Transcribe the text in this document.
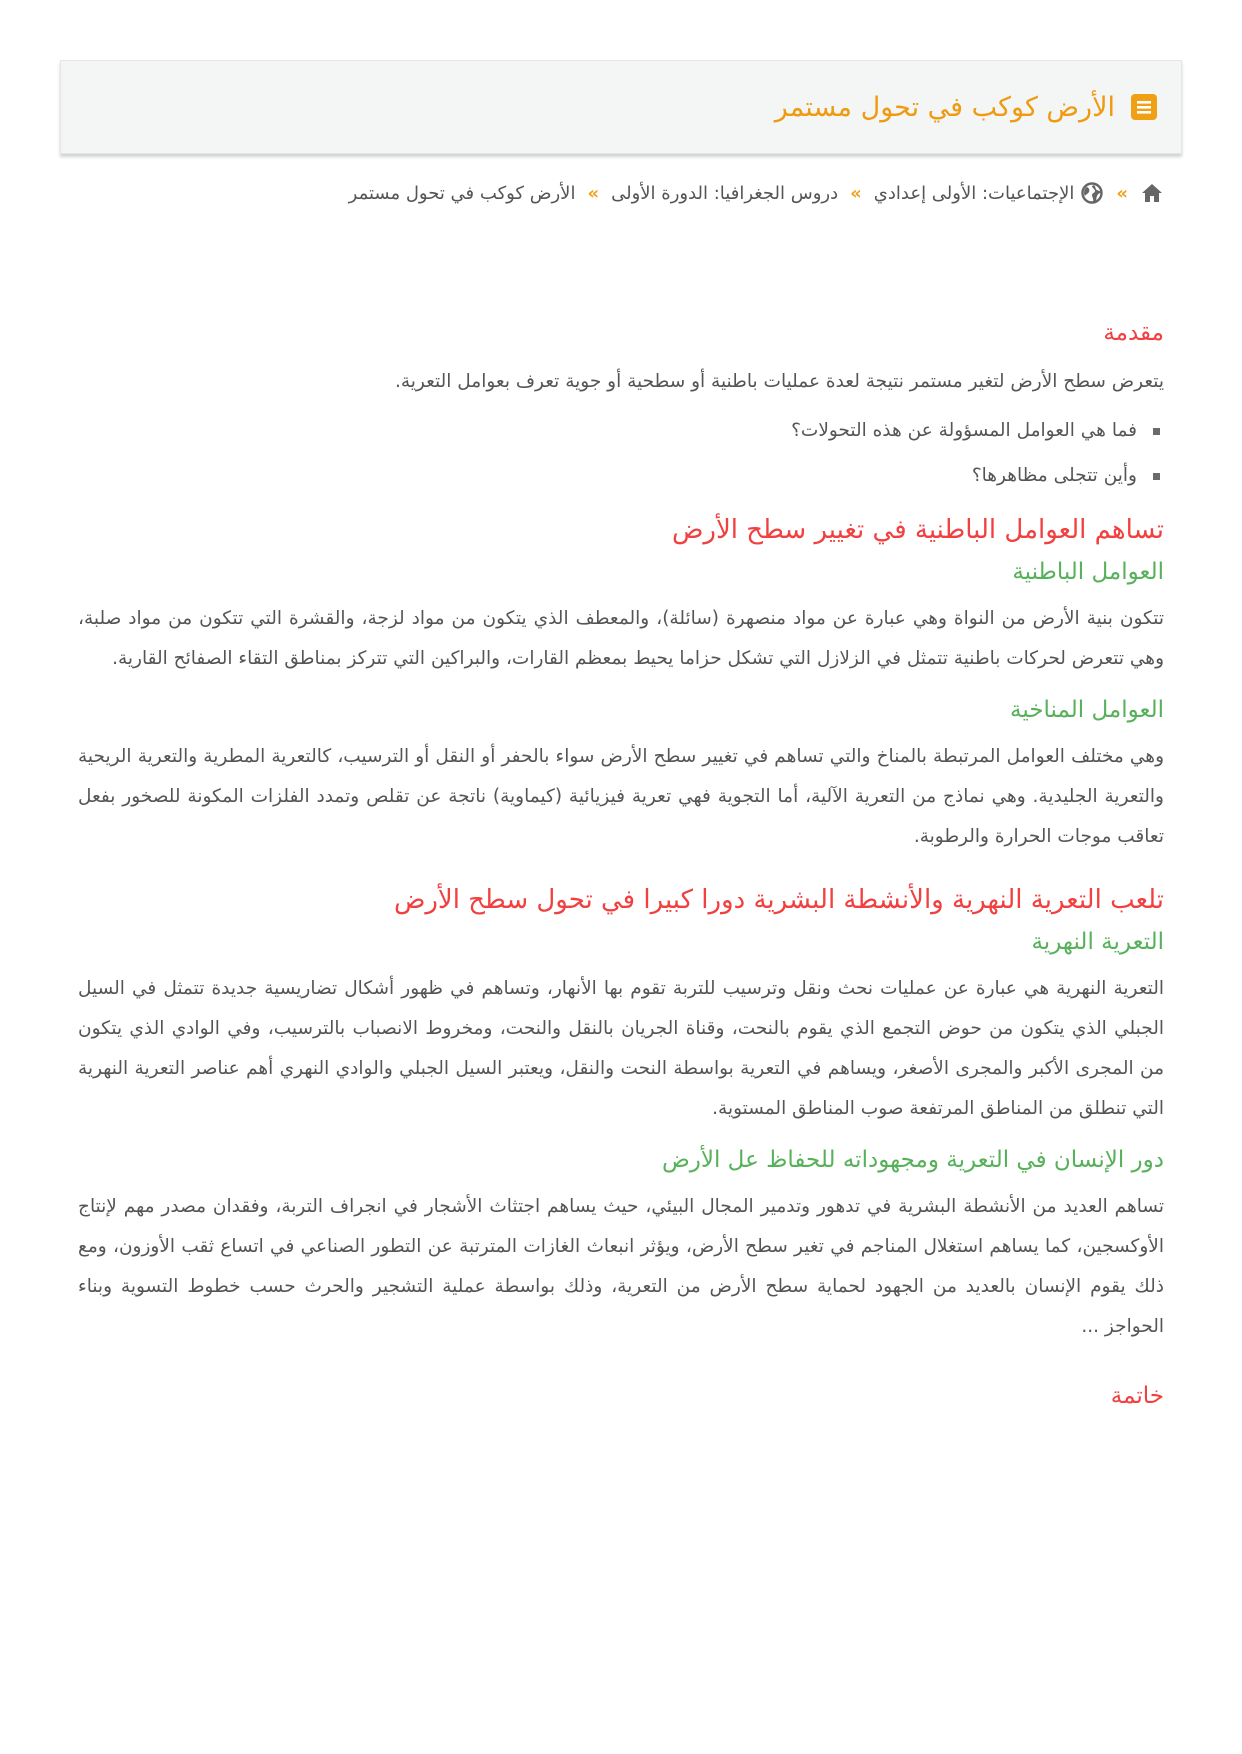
الأرض كوكب في تحول مستمر
»
الإجتماعيات: الأولى إعدادي
»
دروس الجغرافيا: الدورة الأولى
»
الأرض كوكب في تحول مستمر
مقدمة

يتعرض سطح الأرض لتغير مستمر نتيجة لعدة عمليات باطنية أو سطحية أو جوية تعرف بعوامل التعرية.

فما هي العوامل المسؤولة عن هذه التحولات؟
وأين تتجلى مظاهرها؟
تساهم العوامل الباطنية في تغيير سطح الأرض
العوامل الباطنية

تتكون بنية الأرض من النواة وهي عبارة عن مواد منصهرة (سائلة)، والمعطف الذي يتكون من مواد لزجة، والقشرة التي تتكون من مواد صلبة، وهي تتعرض لحركات باطنية تتمثل في الزلازل التي تشكل حزاما يحيط بمعظم القارات، والبراكين التي تتركز بمناطق التقاء الصفائح القارية.

العوامل المناخية

وهي مختلف العوامل المرتبطة بالمناخ والتي تساهم في تغيير سطح الأرض سواء بالحفر أو النقل أو الترسيب، كالتعرية المطرية والتعرية الريحية والتعرية الجليدية. وهي نماذج من التعرية الآلية، أما التجوية فهي تعرية فيزيائية (كيماوية) ناتجة عن تقلص وتمدد الفلزات المكونة للصخور بفعل تعاقب موجات الحرارة والرطوبة.

تلعب التعرية النهرية والأنشطة البشرية دورا كبيرا في تحول سطح الأرض
التعرية النهرية

التعرية النهرية هي عبارة عن عمليات نحث ونقل وترسيب للتربة تقوم بها الأنهار، وتساهم في ظهور أشكال تضاريسية جديدة تتمثل في السيل الجبلي الذي يتكون من حوض التجمع الذي يقوم بالنحت، وقناة الجريان بالنقل والنحت، ومخروط الانصباب بالترسيب، وفي الوادي الذي يتكون من المجرى الأكبر والمجرى الأصغر، ويساهم في التعرية بواسطة النحت والنقل، ويعتبر السيل الجبلي والوادي النهري أهم عناصر التعرية النهرية التي تنطلق من المناطق المرتفعة صوب المناطق المستوية.

دور الإنسان في التعرية ومجهوداته للحفاظ عل الأرض

تساهم العديد من الأنشطة البشرية في تدهور وتدمير المجال البيئي، حيث يساهم اجتثاث الأشجار في انجراف التربة، وفقدان مصدر مهم لإنتاج الأوكسجين، كما يساهم استغلال المناجم في تغير سطح الأرض، ويؤثر انبعاث الغازات المترتبة عن التطور الصناعي في اتساع ثقب الأوزون، ومع ذلك يقوم الإنسان بالعديد من الجهود لحماية سطح الأرض من التعرية، وذلك بواسطة عملية التشجير والحرث حسب خطوط التسوية وبناء الحواجز ...

خاتمة
